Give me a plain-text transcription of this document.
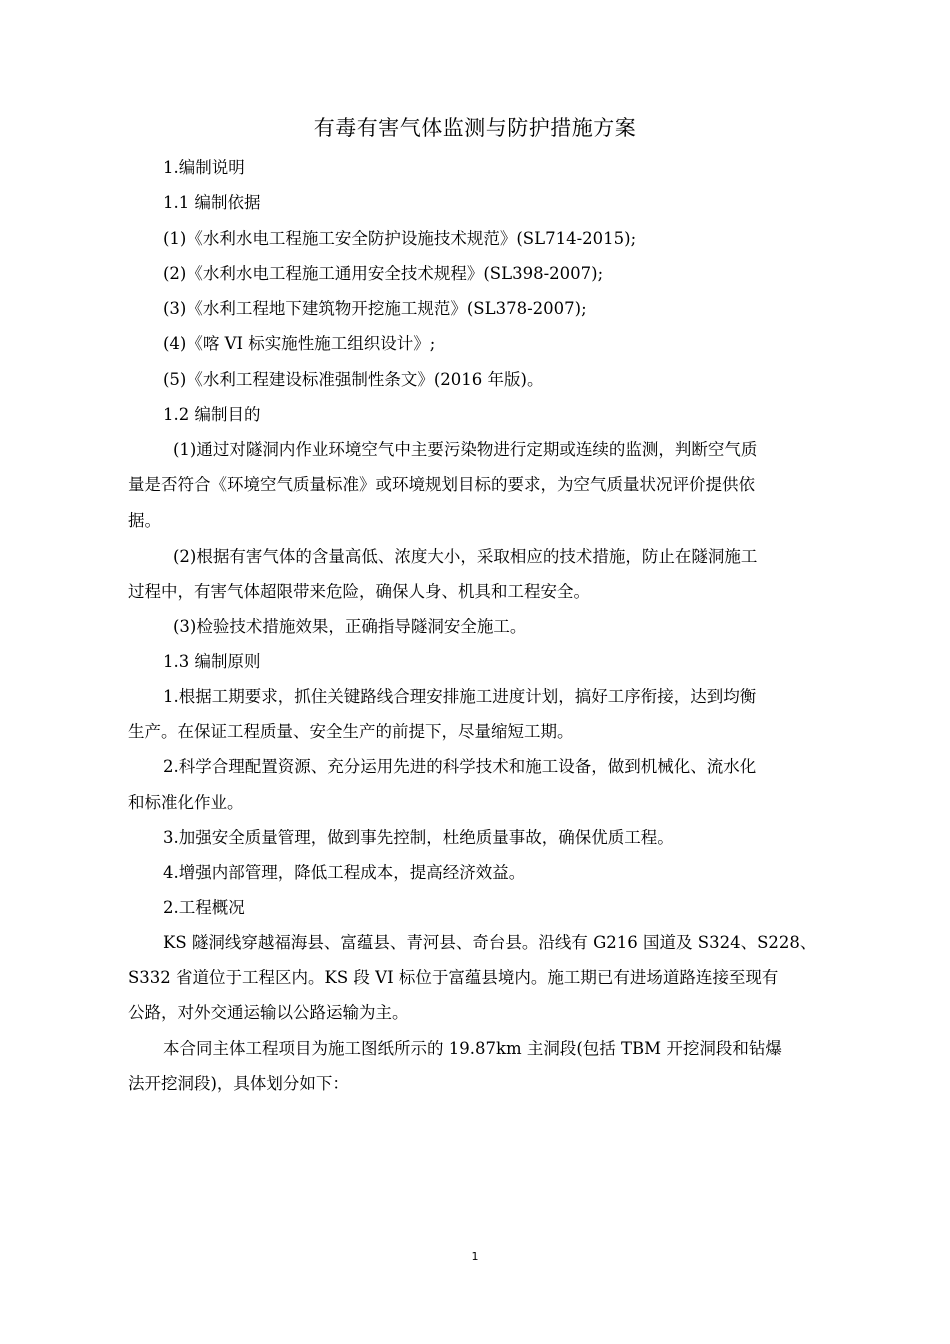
有毒有害气体监测与防护措施方案
1.编制说明
1.1 编制依据
(1)《水利水电工程施工安全防护设施技术规范》(SL714-2015);
(2)《水利水电工程施工通用安全技术规程》(SL398-2007);
(3)《水利工程地下建筑物开挖施工规范》(SL378-2007);
(4)《喀 VI 标实施性施工组织设计》;
(5)《水利工程建设标准强制性条文》(2016 年版)。
1.2 编制目的
(1)通过对隧洞内作业环境空气中主要污染物进行定期或连续的监测，判断空气质
量是否符合《环境空气质量标准》或环境规划目标的要求，为空气质量状况评价提供依
据。
(2)根据有害气体的含量高低、浓度大小，采取相应的技术措施，防止在隧洞施工
过程中，有害气体超限带来危险，确保人身、机具和工程安全。
(3)检验技术措施效果，正确指导隧洞安全施工。
1.3 编制原则
1.根据工期要求，抓住关键路线合理安排施工进度计划，搞好工序衔接，达到均衡
生产。在保证工程质量、安全生产的前提下，尽量缩短工期。
2.科学合理配置资源、充分运用先进的科学技术和施工设备，做到机械化、流水化
和标准化作业。
3.加强安全质量管理，做到事先控制，杜绝质量事故，确保优质工程。
4.增强内部管理，降低工程成本，提高经济效益。
2.工程概况
KS 隧洞线穿越福海县、富蕴县、青河县、奇台县。沿线有 G216 国道及 S324、S228、
S332 省道位于工程区内。KS 段 VI 标位于富蕴县境内。施工期已有进场道路连接至现有
公路，对外交通运输以公路运输为主。
本合同主体工程项目为施工图纸所示的 19.87km 主洞段(包括 TBM 开挖洞段和钻爆
法开挖洞段)，具体划分如下：
1
